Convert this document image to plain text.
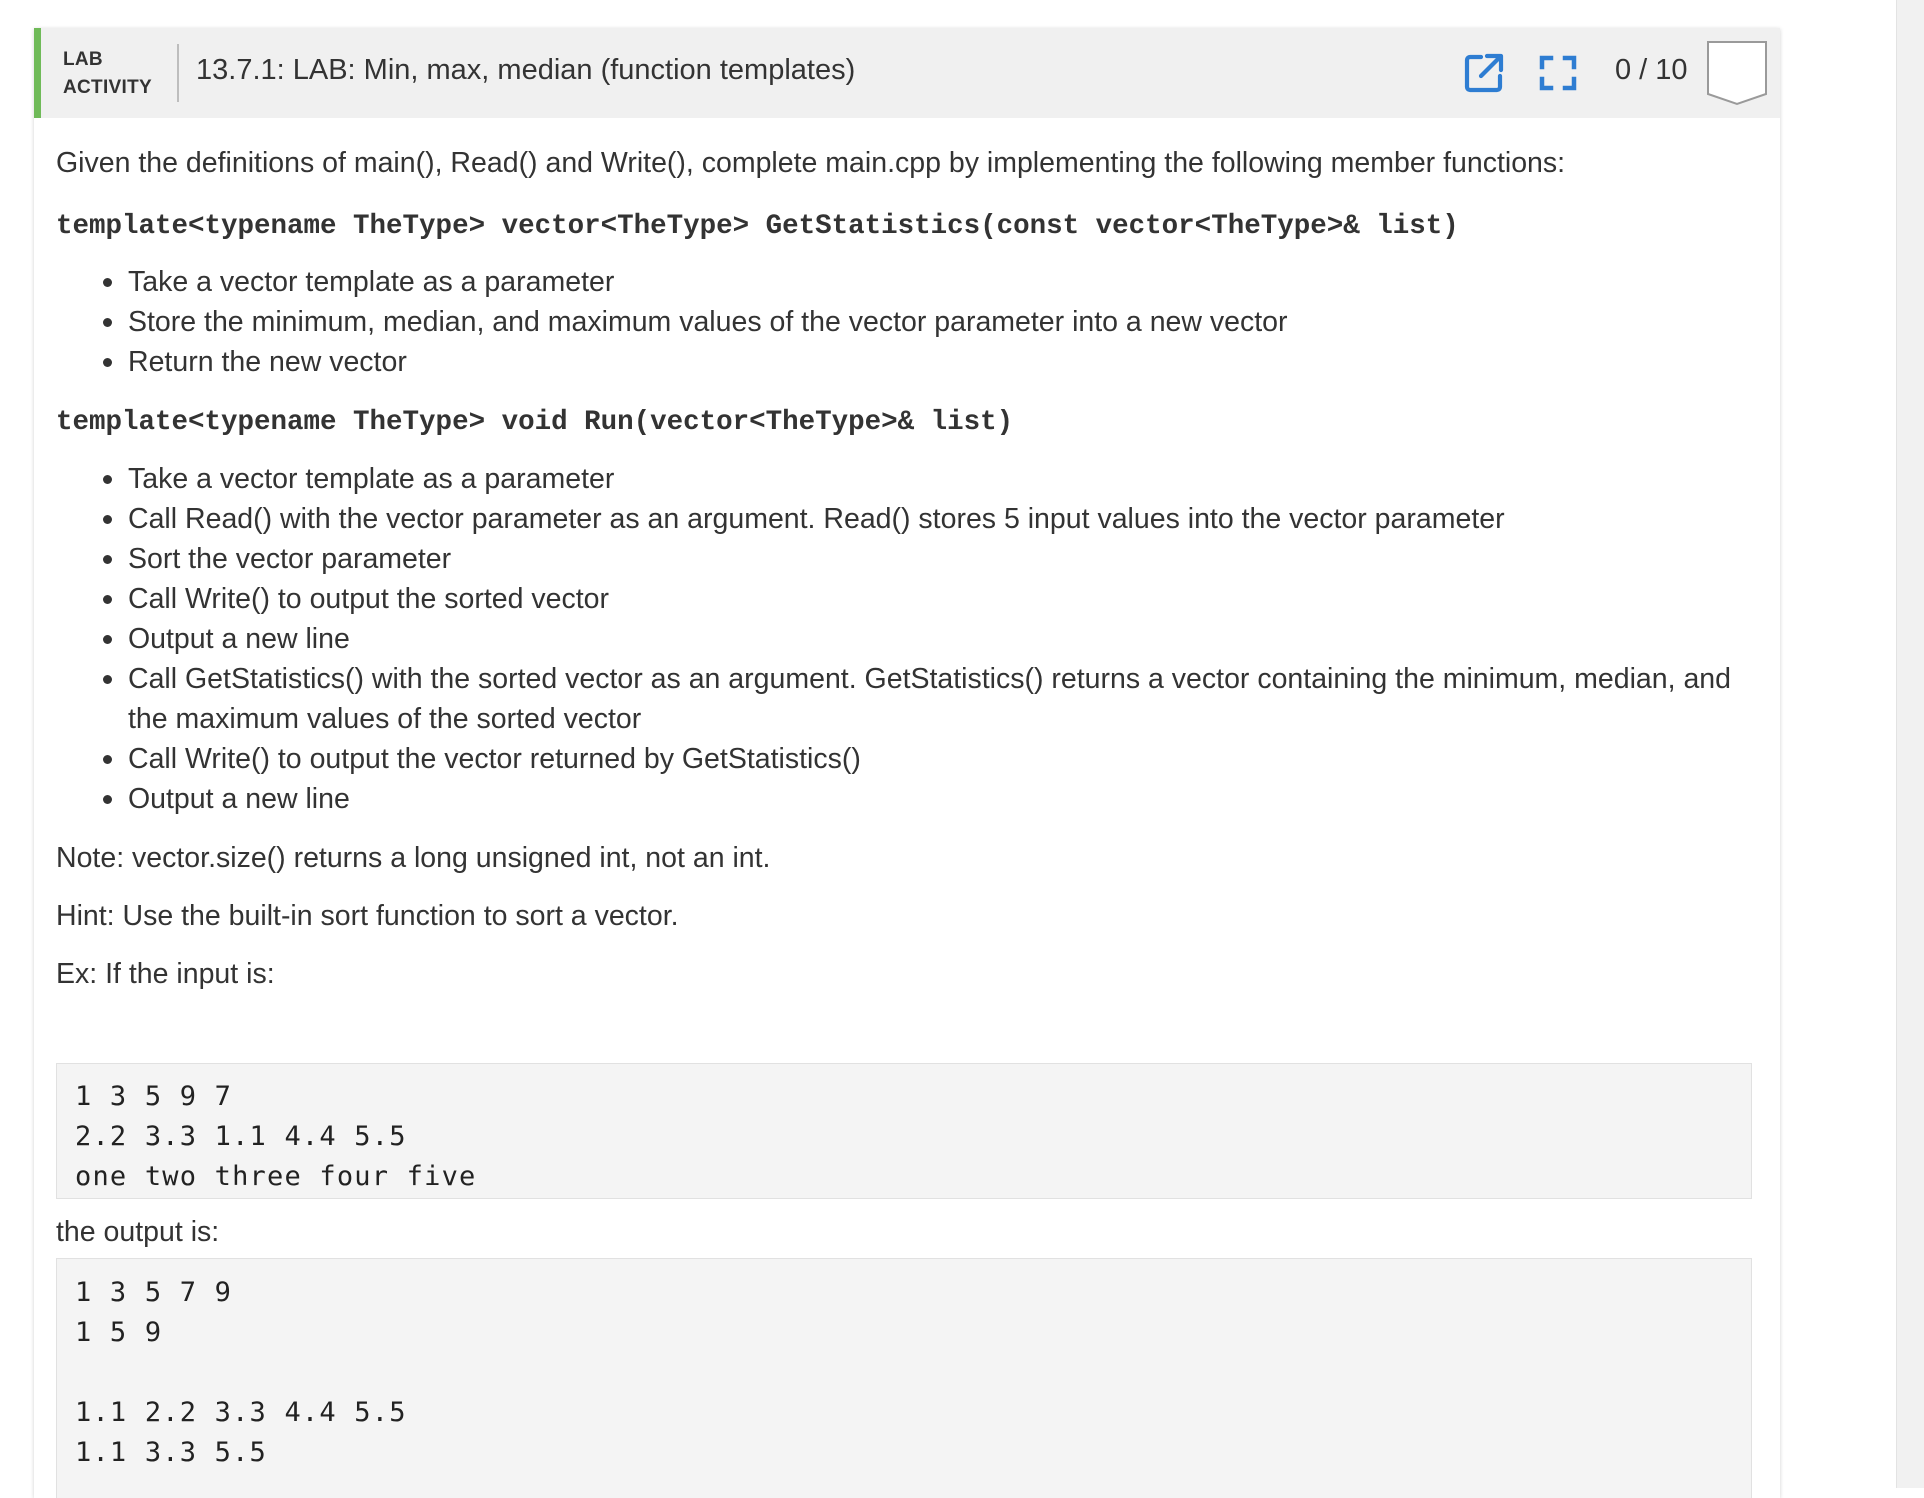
LAB
ACTIVITY
13.7.1: LAB: Min, max, median (function templates)	0 / 10

Given the definitions of main(), Read() and Write(), complete main.cpp by implementing the following member functions:

template<typename TheType> vector<TheType> GetStatistics(const vector<TheType>& list)

Take a vector template as a parameter
Store the minimum, median, and maximum values of the vector parameter into a new vector
Return the new vector

template<typename TheType> void Run(vector<TheType>& list)

Take a vector template as a parameter
Call Read() with the vector parameter as an argument. Read() stores 5 input values into the vector parameter
Sort the vector parameter
Call Write() to output the sorted vector
Output a new line
Call GetStatistics() with the sorted vector as an argument. GetStatistics() returns a vector containing the minimum, median, and
the maximum values of the sorted vector
Call Write() to output the vector returned by GetStatistics()
Output a new line

Note: vector.size() returns a long unsigned int, not an int.

Hint: Use the built-in sort function to sort a vector.

Ex: If the input is:

1 3 5 9 7
2.2 3.3 1.1 4.4 5.5
one two three four five

the output is:

1 3 5 7 9
1 5 9
1.1 2.2 3.3 4.4 5.5
1.1 3.3 5.5
